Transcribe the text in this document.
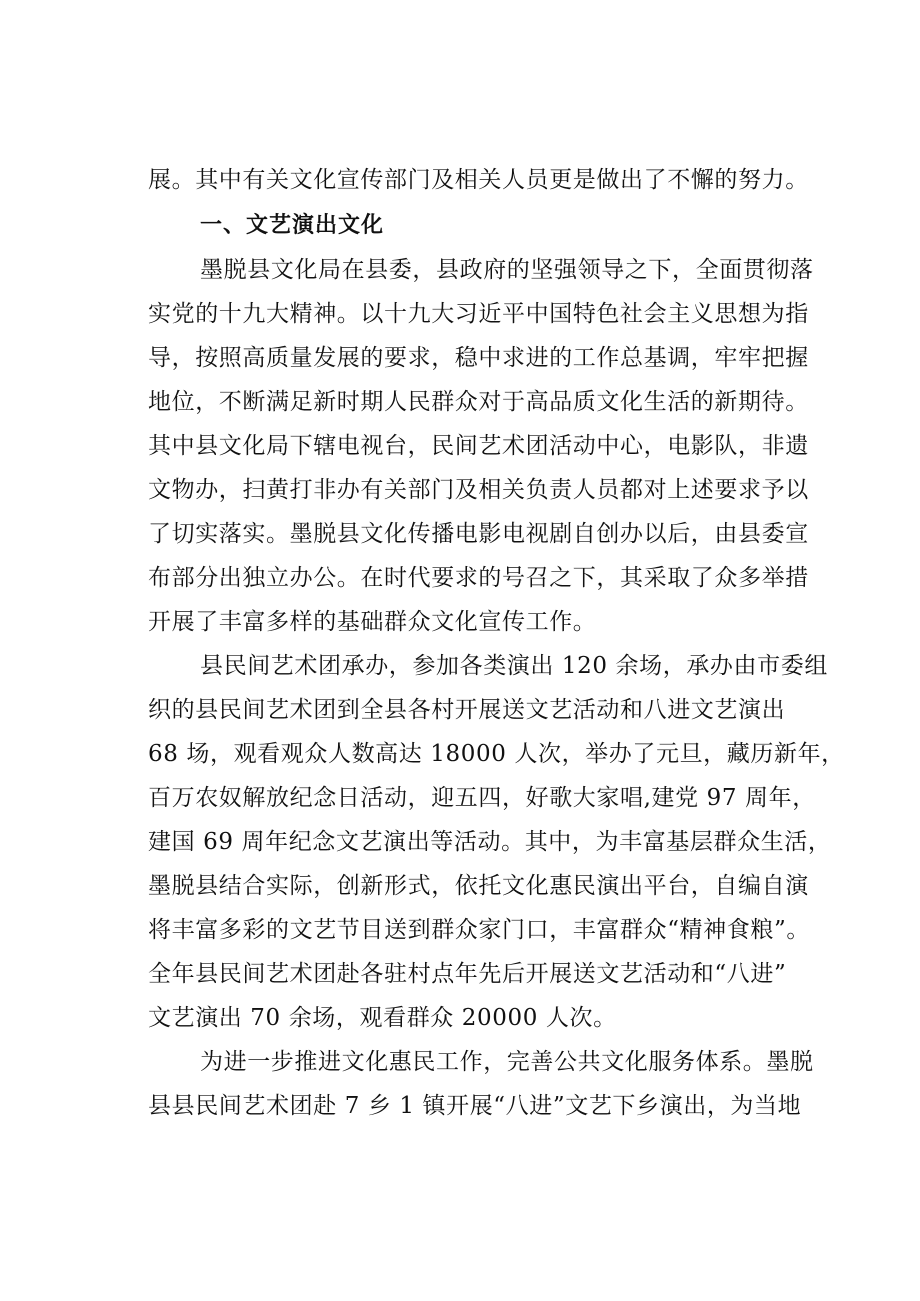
展。其中有关文化宣传部门及相关人员更是做出了不懈的努力。
一、文艺演出文化
墨脱县文化局在县委，县政府的坚强领导之下，全面贯彻落
实党的十九大精神。以十九大习近平中国特色社会主义思想为指
导，按照高质量发展的要求，稳中求进的工作总基调，牢牢把握
地位，不断满足新时期人民群众对于高品质文化生活的新期待。
其中县文化局下辖电视台，民间艺术团活动中心，电影队，非遗
文物办，扫黄打非办有关部门及相关负责人员都对上述要求予以
了切实落实。墨脱县文化传播电影电视剧自创办以后，由县委宣
布部分出独立办公。在时代要求的号召之下，其采取了众多举措
开展了丰富多样的基础群众文化宣传工作。
县民间艺术团承办，参加各类演出 120 余场，承办由市委组
织的县民间艺术团到全县各村开展送文艺活动和八进文艺演出
68 场，观看观众人数高达 18000 人次，举办了元旦，藏历新年，
百万农奴解放纪念日活动，迎五四，好歌大家唱,建党 97 周年，
建国 69 周年纪念文艺演出等活动。其中，为丰富基层群众生活，
墨脱县结合实际，创新形式，依托文化惠民演出平台，自编自演
将丰富多彩的文艺节目送到群众家门口，丰富群众“精神食粮”。
全年县民间艺术团赴各驻村点年先后开展送文艺活动和“八进”
文艺演出 70 余场，观看群众 20000 人次。
为进一步推进文化惠民工作，完善公共文化服务体系。墨脱
县县民间艺术团赴 7 乡 1 镇开展“八进”文艺下乡演出，为当地
